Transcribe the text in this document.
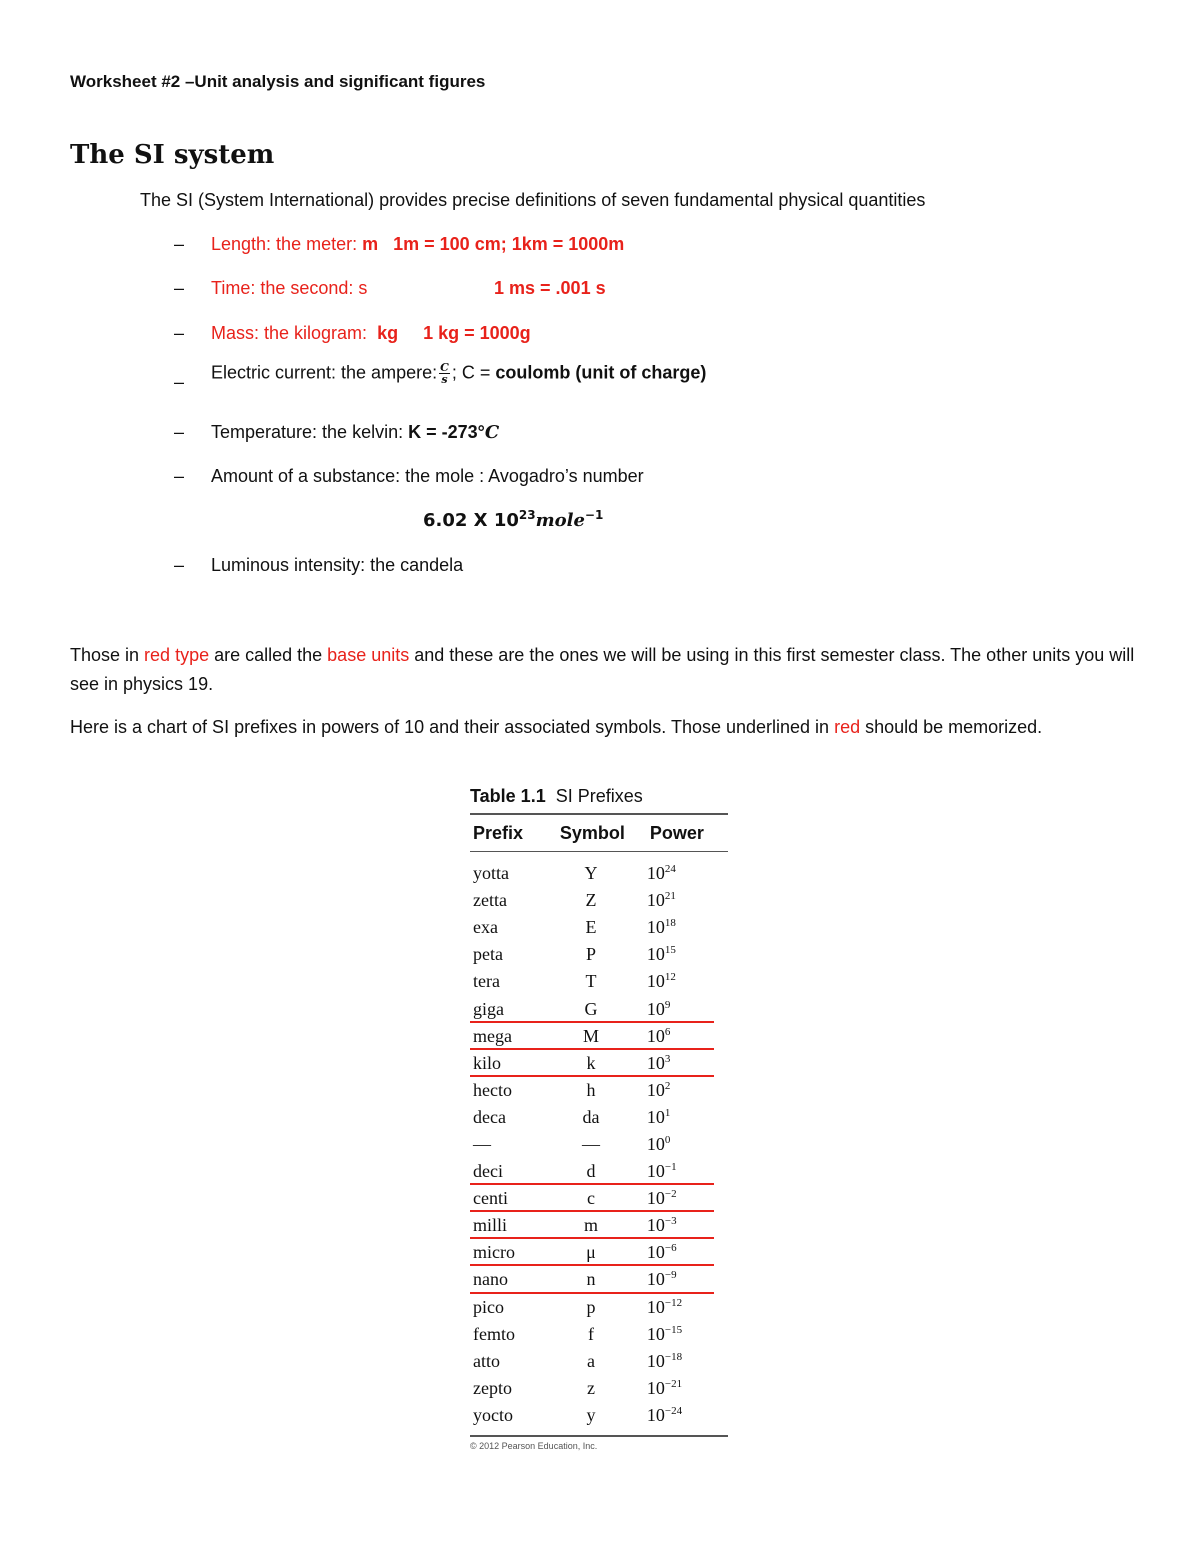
Worksheet #2 –Unit analysis and significant figures
The SI system
The SI (System International) provides precise definitions of seven fundamental physical quantities
– Length: the meter: m 1m = 100 cm; 1km = 1000m
– Time: the second: s	1 ms = .001 s
– Mass: the kilogram: kg 1 kg = 1000g
– Electric current: the ampere: $\frac{C}{s}$ ; C = coulomb (unit of charge)
– Temperature: the kelvin: K = -273°C
– Amount of a substance: the mole : Avogadro’s number
6.02 X $10^{23}mole^{-1}$
– Luminous intensity: the candela
Those in red type are called the base units and these are the ones we will be using in this first semester class. The other units you will see in physics 19.
Here is a chart of SI prefixes in powers of 10 and their associated symbols. Those underlined in red should be memorized.
Table 1.1 SI Prefixes
Prefix	Symbol	Power
yotta	Y	$10^{24}$
zetta	Z	$10^{21}$
exa	E	$10^{18}$
peta	P	$10^{15}$
tera	T	$10^{12}$
giga	G	$10^9$
mega	M	$10^6$
kilo	k	$10^3$
hecto	h	$10^2$
deca	da	$10^1$
—	—	$10^0$
deci	d	$10^{-1}$
centi	c	$10^{-2}$
milli	m	$10^{-3}$
micro	μ	$10^{-6}$
nano	n	$10^{-9}$
pico	p	$10^{-12}$
femto	f	$10^{-15}$
atto	a	$10^{-18}$
zepto	z	$10^{-21}$
yocto	y	$10^{-24}$
© 2012 Pearson Education, Inc.
